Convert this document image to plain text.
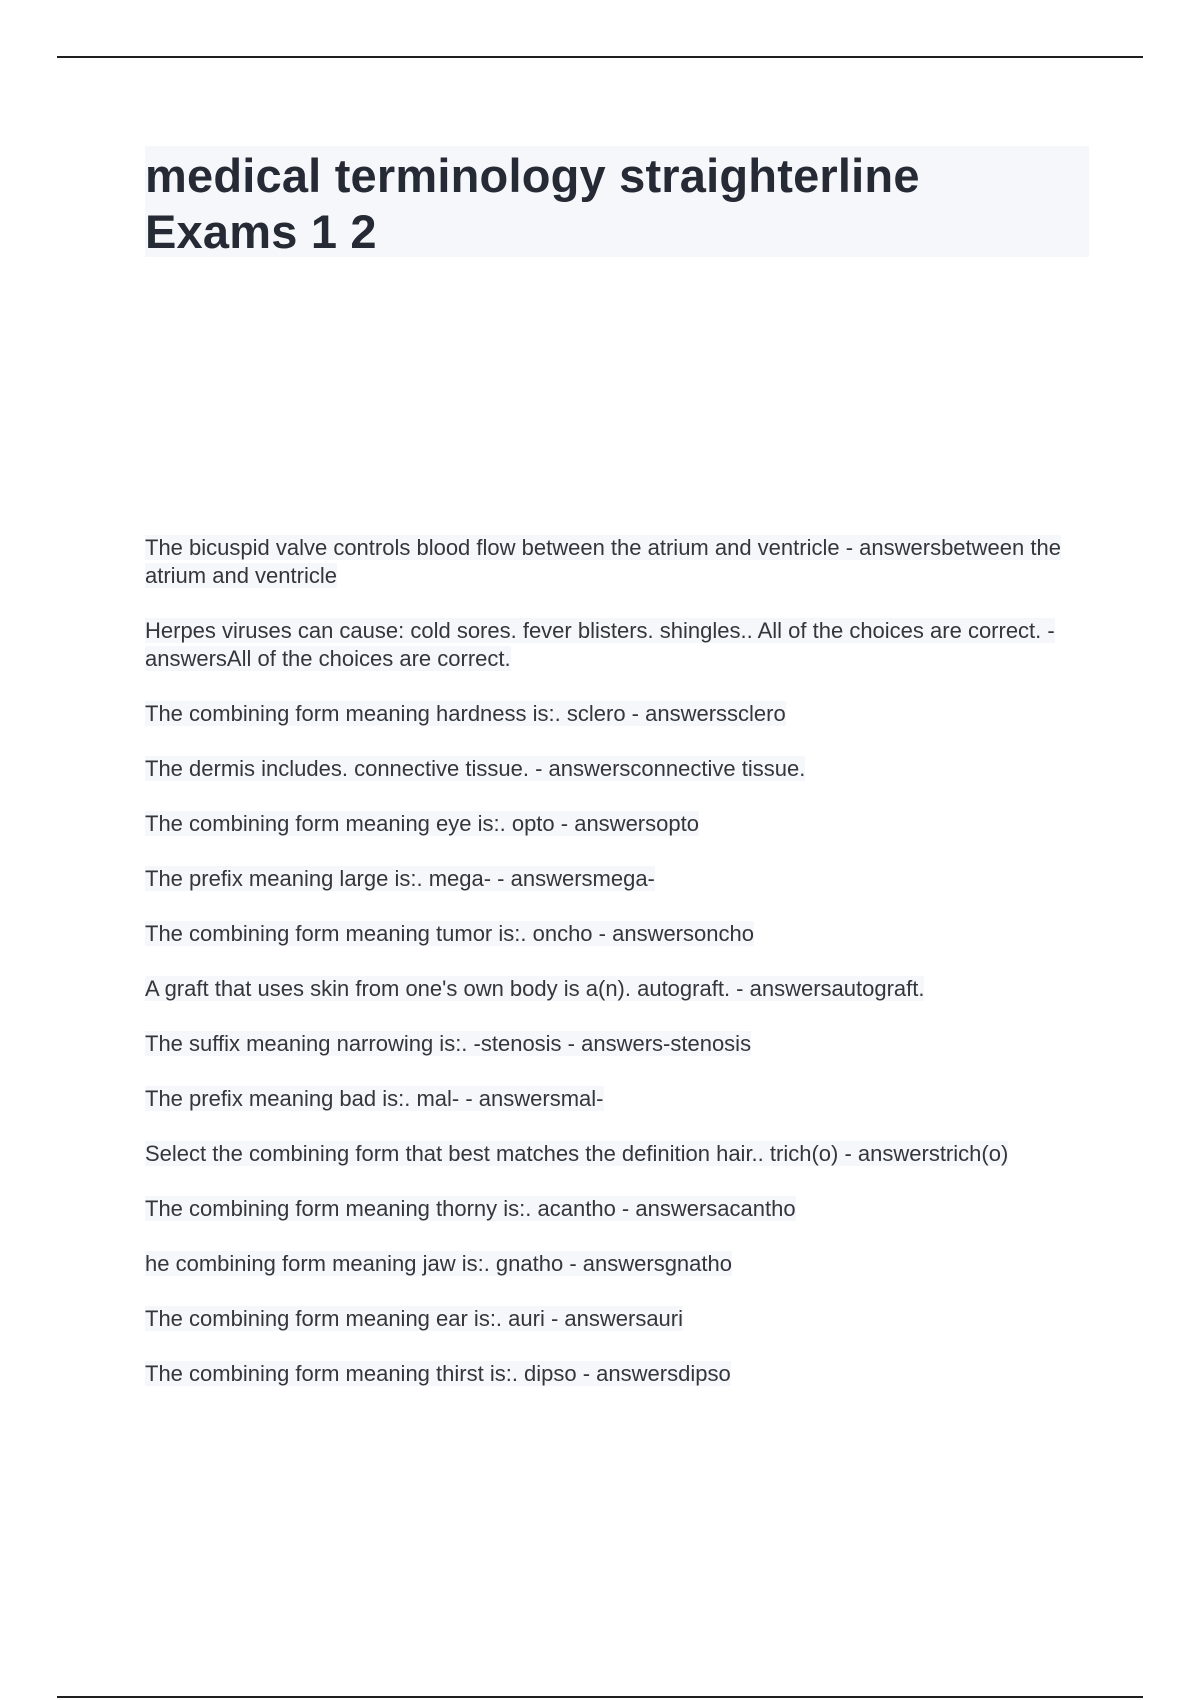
medical terminology straighterline
Exams 1 2
The bicuspid valve controls blood flow between the atrium and ventricle - answersbetween the atrium and ventricle
Herpes viruses can cause: cold sores. fever blisters. shingles.. All of the choices are correct. - answersAll of the choices are correct.
The combining form meaning hardness is:. sclero - answerssclero
The dermis includes. connective tissue. - answersconnective tissue.
The combining form meaning eye is:. opto - answersopto
The prefix meaning large is:. mega- - answersmega-
The combining form meaning tumor is:. oncho - answersoncho
A graft that uses skin from one's own body is a(n). autograft. - answersautograft.
The suffix meaning narrowing is:. -stenosis - answers-stenosis
The prefix meaning bad is:. mal- - answersmal-
Select the combining form that best matches the definition hair.. trich(o) - answerstrich(o)
The combining form meaning thorny is:. acantho - answersacantho
he combining form meaning jaw is:. gnatho - answersgnatho
The combining form meaning ear is:. auri - answersauri
The combining form meaning thirst is:. dipso - answersdipso
